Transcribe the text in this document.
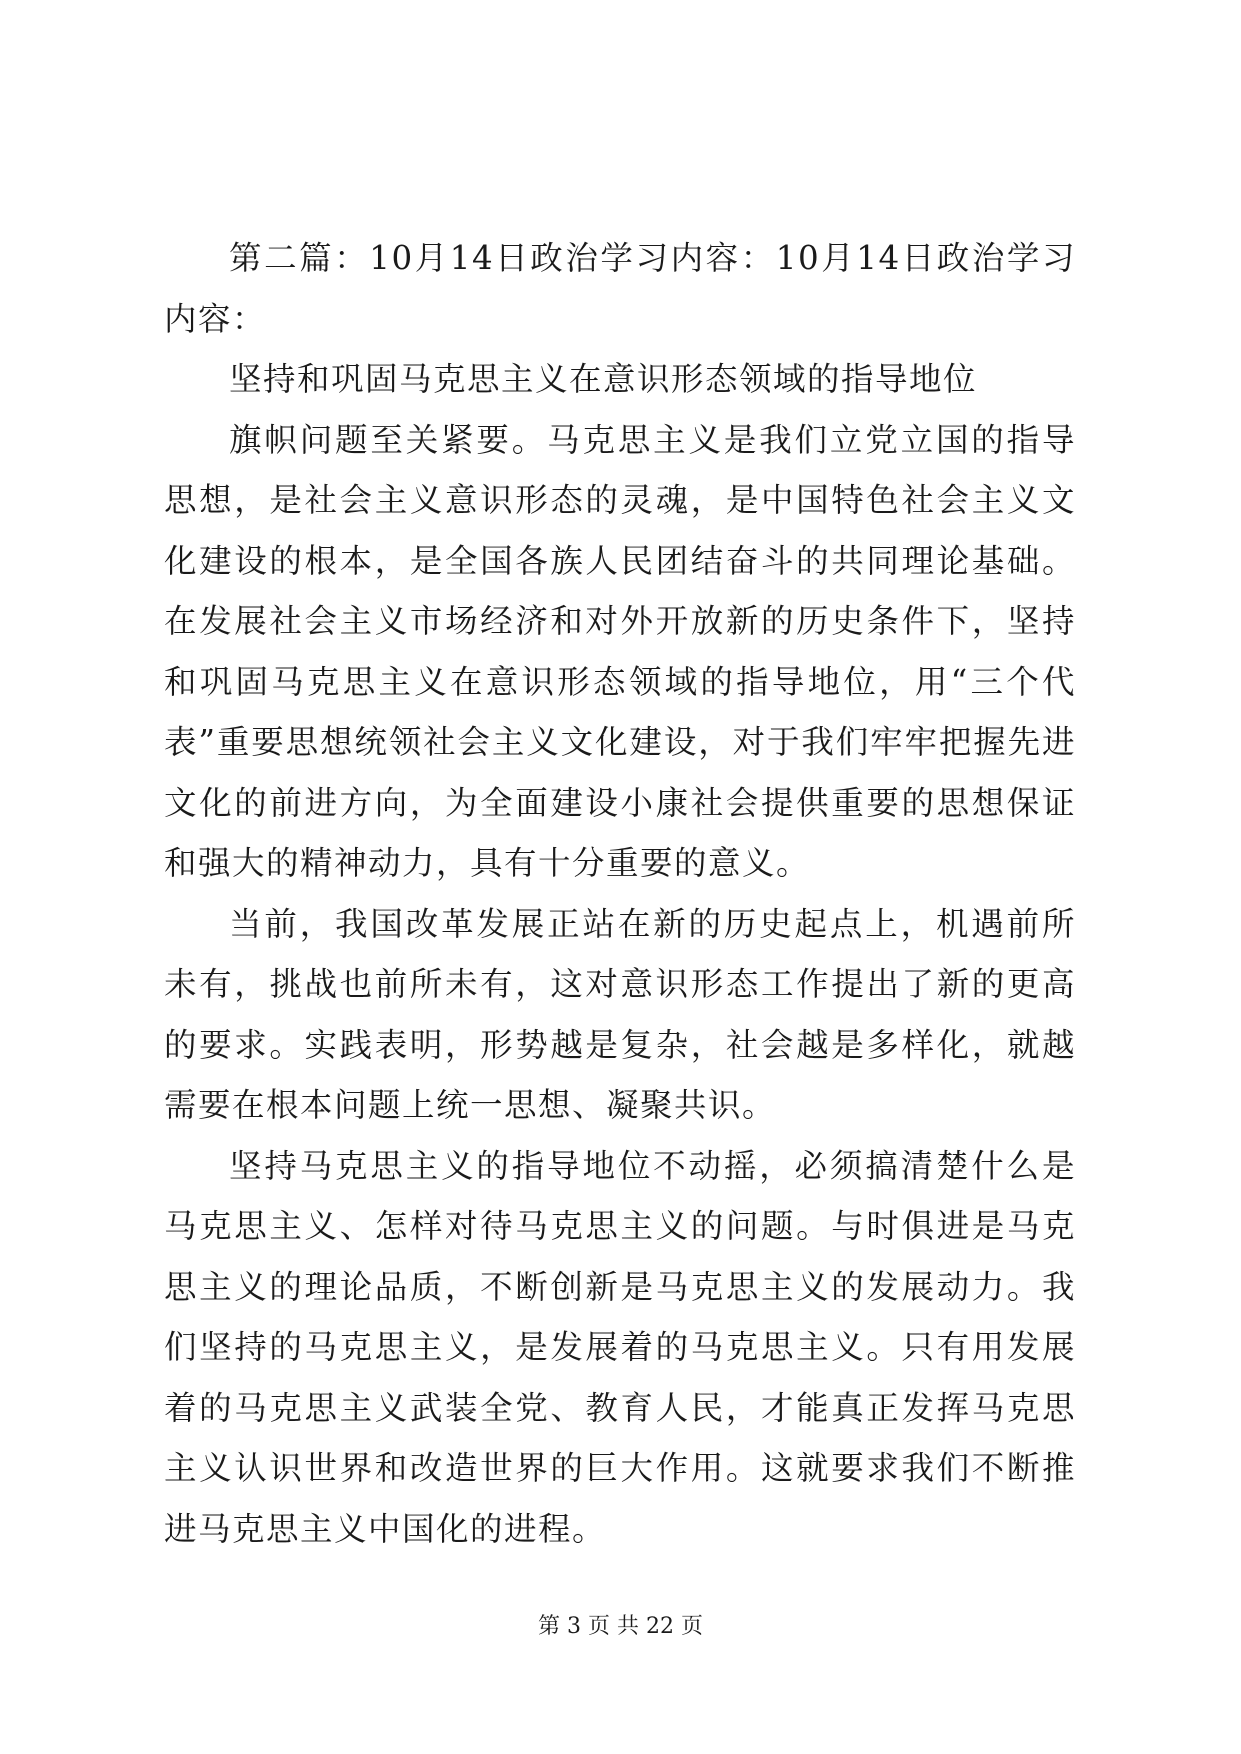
第二篇：10月14日政治学习内容：10月14日政治学习内容：

坚持和巩固马克思主义在意识形态领域的指导地位

旗帜问题至关紧要。马克思主义是我们立党立国的指导思想，是社会主义意识形态的灵魂，是中国特色社会主义文化建设的根本，是全国各族人民团结奋斗的共同理论基础。在发展社会主义市场经济和对外开放新的历史条件下，坚持和巩固马克思主义在意识形态领域的指导地位，用“三个代表”重要思想统领社会主义文化建设，对于我们牢牢把握先进文化的前进方向，为全面建设小康社会提供重要的思想保证和强大的精神动力，具有十分重要的意义。

当前，我国改革发展正站在新的历史起点上，机遇前所未有，挑战也前所未有，这对意识形态工作提出了新的更高的要求。实践表明，形势越是复杂，社会越是多样化，就越需要在根本问题上统一思想、凝聚共识。

坚持马克思主义的指导地位不动摇，必须搞清楚什么是马克思主义、怎样对待马克思主义的问题。与时俱进是马克思主义的理论品质，不断创新是马克思主义的发展动力。我们坚持的马克思主义，是发展着的马克思主义。只有用发展着的马克思主义武装全党、教育人民，才能真正发挥马克思主义认识世界和改造世界的巨大作用。这就要求我们不断推进马克思主义中国化的进程。

第 3 页 共 22 页
